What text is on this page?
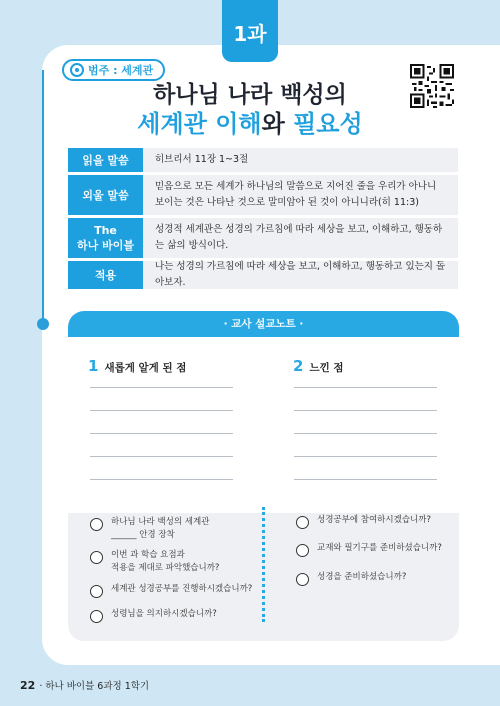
1과
범주 : 세계관
하나님 나라 백성의
세계관 이해와 필요성
읽을 말씀	히브리서 11장 1~3절
외울 말씀
믿음으로 모든 세계가 하나님의 말씀으로 지어진 줄을 우리가 아나니 보이는 것은 나타난 것으로 말미암아 된 것이 아니니라(히 11:3)
The
하나 바이블
성경적 세계관은 성경의 가르침에 따라 세상을 보고, 이해하고, 행동하는 삶의 방식이다.
적용
나는 성경의 가르침에 따라 세상을 보고, 이해하고, 행동하고 있는지 돌아보자.
· 교사 설교노트 ·
1 새롭게 알게 된 점	2 느낀 점
하나님 나라 백성의 세계관
______ 안경 장착
이번 과 학습 요점과
적용을 제대로 파악했습니까?
세계관 성경공부를 진행하시겠습니까?
성령님을 의지하시겠습니까?
성경공부에 참여하시겠습니까?
교재와 필기구를 준비하셨습니까?
성경을 준비하셨습니까?
22 · 하나 바이블 6과정 1학기
